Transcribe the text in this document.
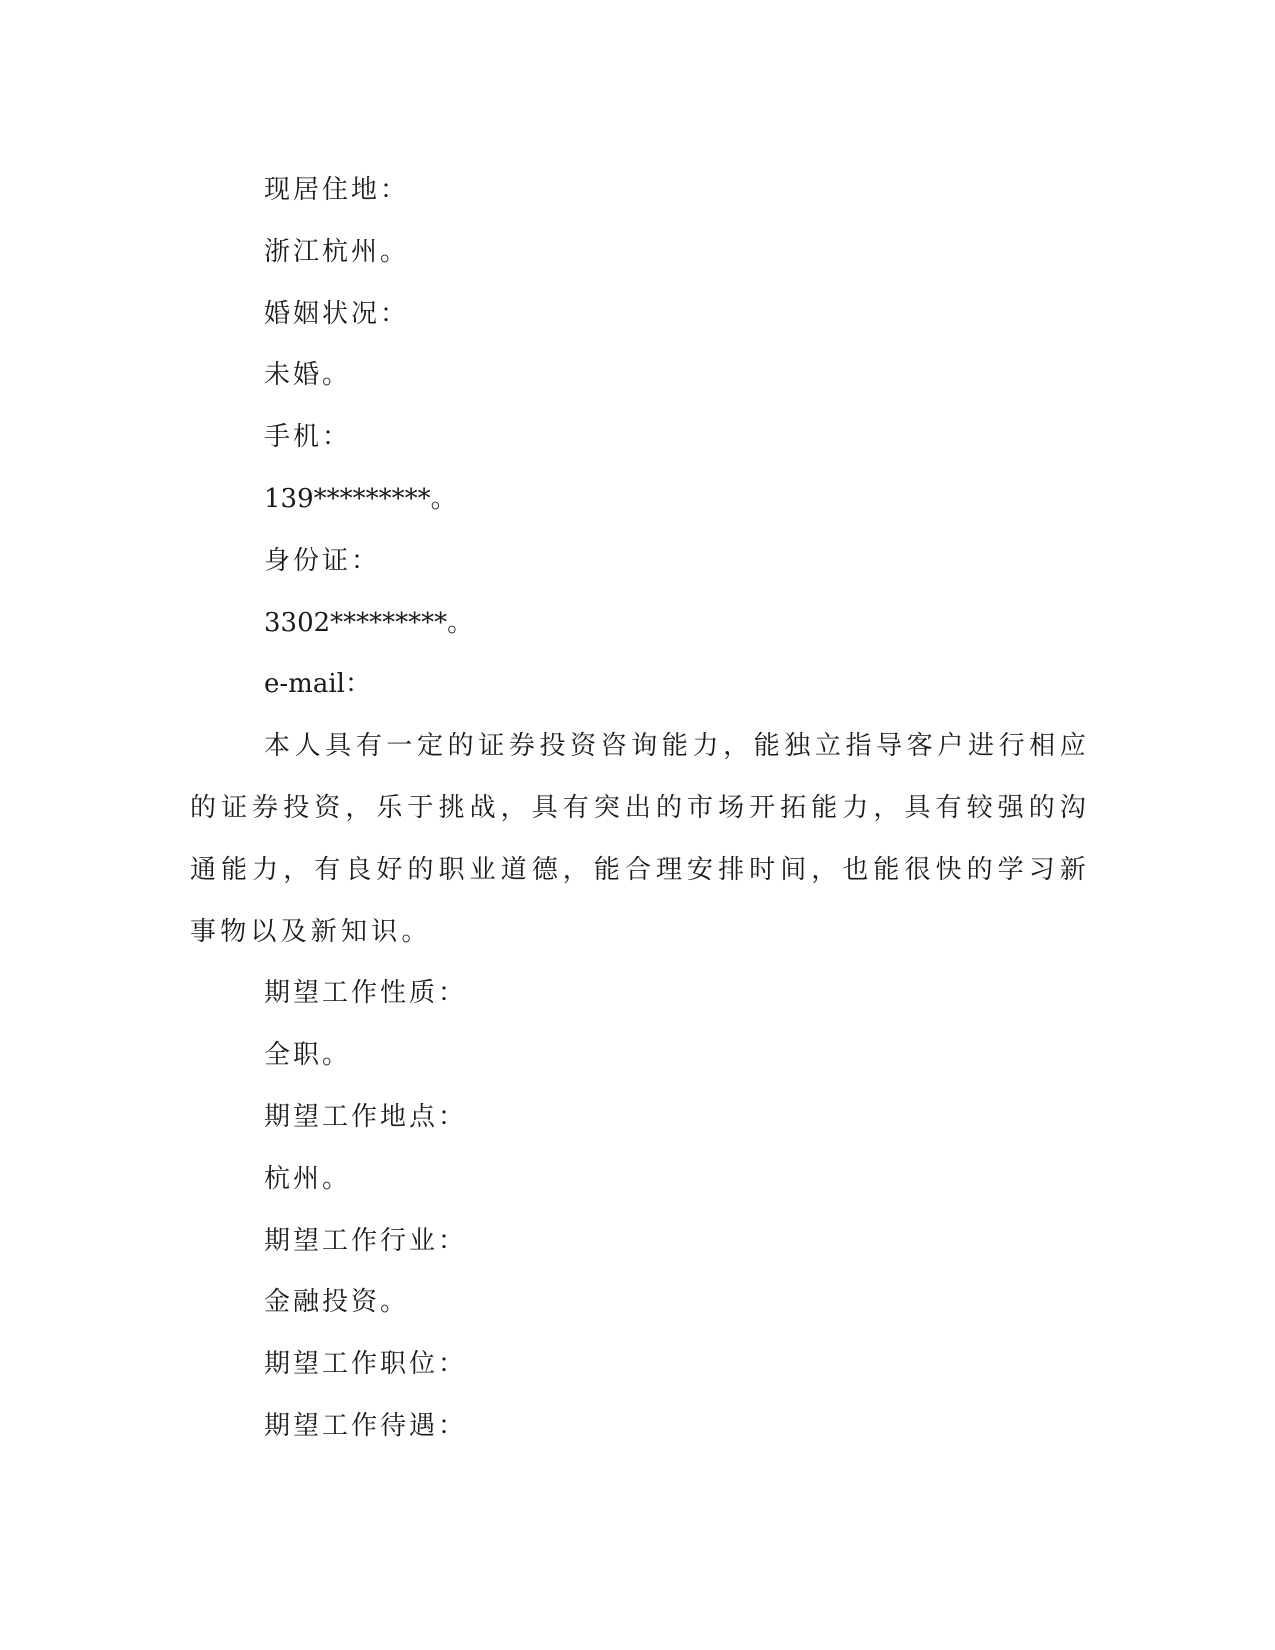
现居住地：

浙江杭州。

婚姻状况：

未婚。

手机：

139*********。

身份证：

3302*********。

e-mail：

本人具有一定的证券投资咨询能力，能独立指导客户进行相应的证券投资，乐于挑战，具有突出的市场开拓能力，具有较强的沟通能力，有良好的职业道德，能合理安排时间，也能很快的学习新事物以及新知识。

期望工作性质：

全职。

期望工作地点：

杭州。

期望工作行业：

金融投资。

期望工作职位：

期望工作待遇：
